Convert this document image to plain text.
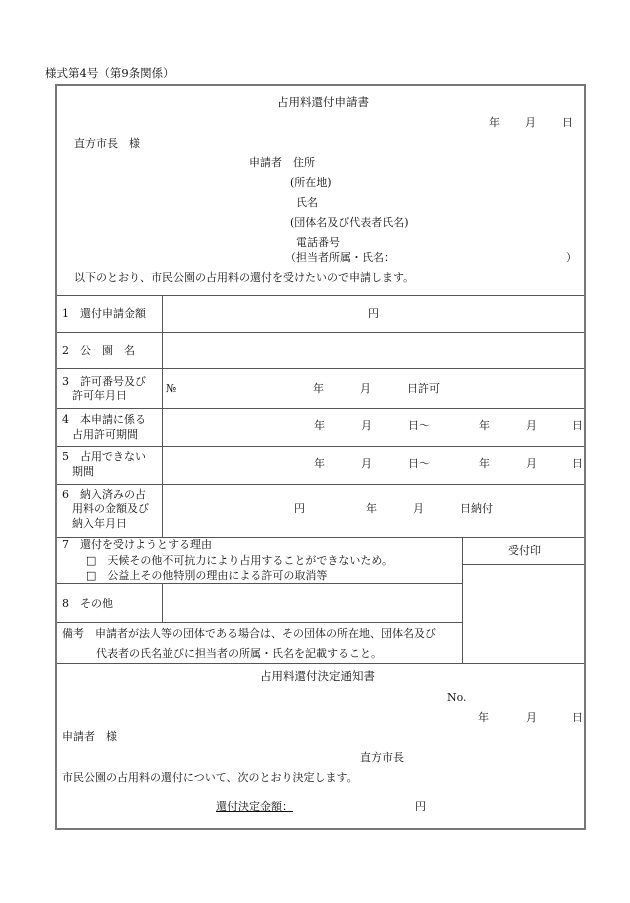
様式第4号（第9条関係）
占用料還付申請書
年 月 日
直方市長　様
申請者　住所
(所在地)
氏名
(団体名及び代表者氏名)
電話番号
（担当者所属・氏名：	）
以下のとおり、市民公園の占用料の還付を受けたいので申請します。
1　還付申請金額	円
2　公　園　名
3　許可番号及び
許可年月日
№	年	月	日許可
4　本申請に係る
占用許可期間
年	月	日～	年	月	日
5　占用できない
期間
年	月	日～	年	月	日
6　納入済みの占
用料の金額及び
納入年月日
円	年	月	日納付
7　還付を受けようとする理由
□　天候その他不可抗力により占用することができないため。
□　公益上その他特別の理由による許可の取消等
受付印
8　その他
備考　申請者が法人等の団体である場合は、その団体の所在地、団体名及び
代表者の氏名並びに担当者の所属・氏名を記載すること。
占用料還付決定通知書
No.
年	月	日
申請者　様
直方市長
市民公園の占用料の還付について、次のとおり決定します。
還付決定金額：	円
